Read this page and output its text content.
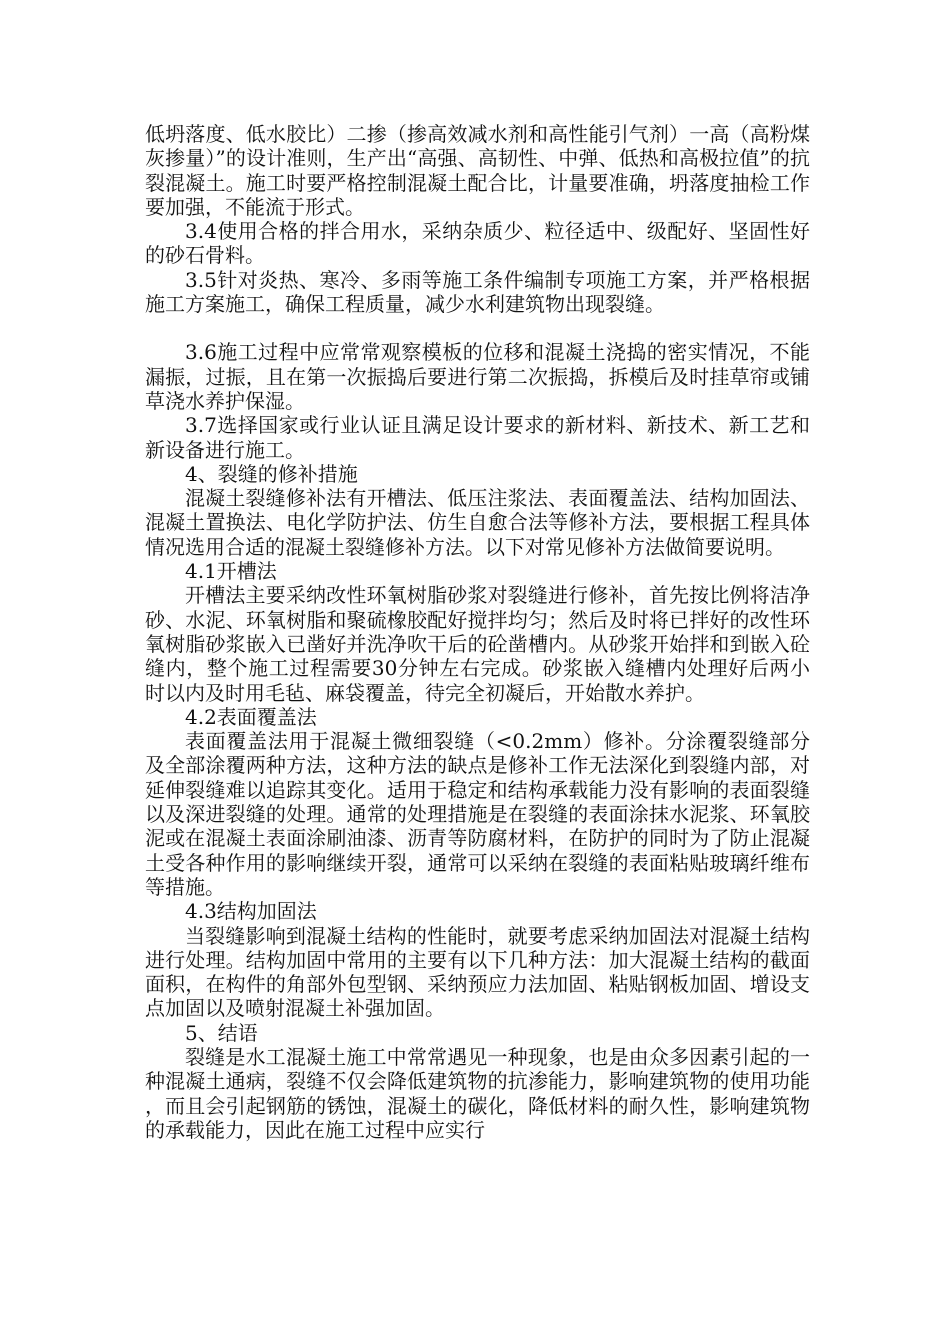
低坍落度、低水胶比）二掺（掺高效减水剂和高性能引气剂）一高（高粉煤灰掺量）”的设计准则，生产出“高强、高韧性、中弹、低热和高极拉值”的抗裂混凝土。施工时要严格控制混凝土配合比，计量要准确，坍落度抽检工作要加强，不能流于形式。

3.4使用合格的拌合用水，采纳杂质少、粒径适中、级配好、坚固性好的砂石骨料。

3.5针对炎热、寒冷、多雨等施工条件编制专项施工方案，并严格根据施工方案施工，确保工程质量，减少水利建筑物出现裂缝。

3.6施工过程中应常常观察模板的位移和混凝土浇捣的密实情况，不能漏振，过振，且在第一次振捣后要进行第二次振捣，拆模后及时挂草帘或铺草浇水养护保湿。

3.7选择国家或行业认证且满足设计要求的新材料、新技术、新工艺和新设备进行施工。

4、裂缝的修补措施

混凝土裂缝修补法有开槽法、低压注浆法、表面覆盖法、结构加固法、混凝土置换法、电化学防护法、仿生自愈合法等修补方法，要根据工程具体情况选用合适的混凝土裂缝修补方法。以下对常见修补方法做简要说明。

4.1开槽法

开槽法主要采纳改性环氧树脂砂浆对裂缝进行修补，首先按比例将洁净砂、水泥、环氧树脂和聚硫橡胶配好搅拌均匀；然后及时将已拌好的改性环氧树脂砂浆嵌入已凿好并洗净吹干后的砼凿槽内。从砂浆开始拌和到嵌入砼缝内，整个施工过程需要30分钟左右完成。砂浆嵌入缝槽内处理好后两小时以内及时用毛毡、麻袋覆盖，待完全初凝后，开始散水养护。

4.2表面覆盖法

表面覆盖法用于混凝土微细裂缝（<0.2mm）修补。分涂覆裂缝部分及全部涂覆两种方法，这种方法的缺点是修补工作无法深化到裂缝内部，对延伸裂缝难以追踪其变化。适用于稳定和结构承载能力没有影响的表面裂缝以及深进裂缝的处理。通常的处理措施是在裂缝的表面涂抹水泥浆、环氧胶泥或在混凝土表面涂刷油漆、沥青等防腐材料，在防护的同时为了防止混凝土受各种作用的影响继续开裂，通常可以采纳在裂缝的表面粘贴玻璃纤维布等措施。

4.3结构加固法

当裂缝影响到混凝土结构的性能时，就要考虑采纳加固法对混凝土结构进行处理。结构加固中常用的主要有以下几种方法：加大混凝土结构的截面面积，在构件的角部外包型钢、采纳预应力法加固、粘贴钢板加固、增设支点加固以及喷射混凝土补强加固。

5、结语

裂缝是水工混凝土施工中常常遇见一种现象，也是由众多因素引起的一种混凝土通病，裂缝不仅会降低建筑物的抗渗能力，影响建筑物的使用功能，而且会引起钢筋的锈蚀，混凝土的碳化，降低材料的耐久性，影响建筑物的承载能力，因此在施工过程中应实行
